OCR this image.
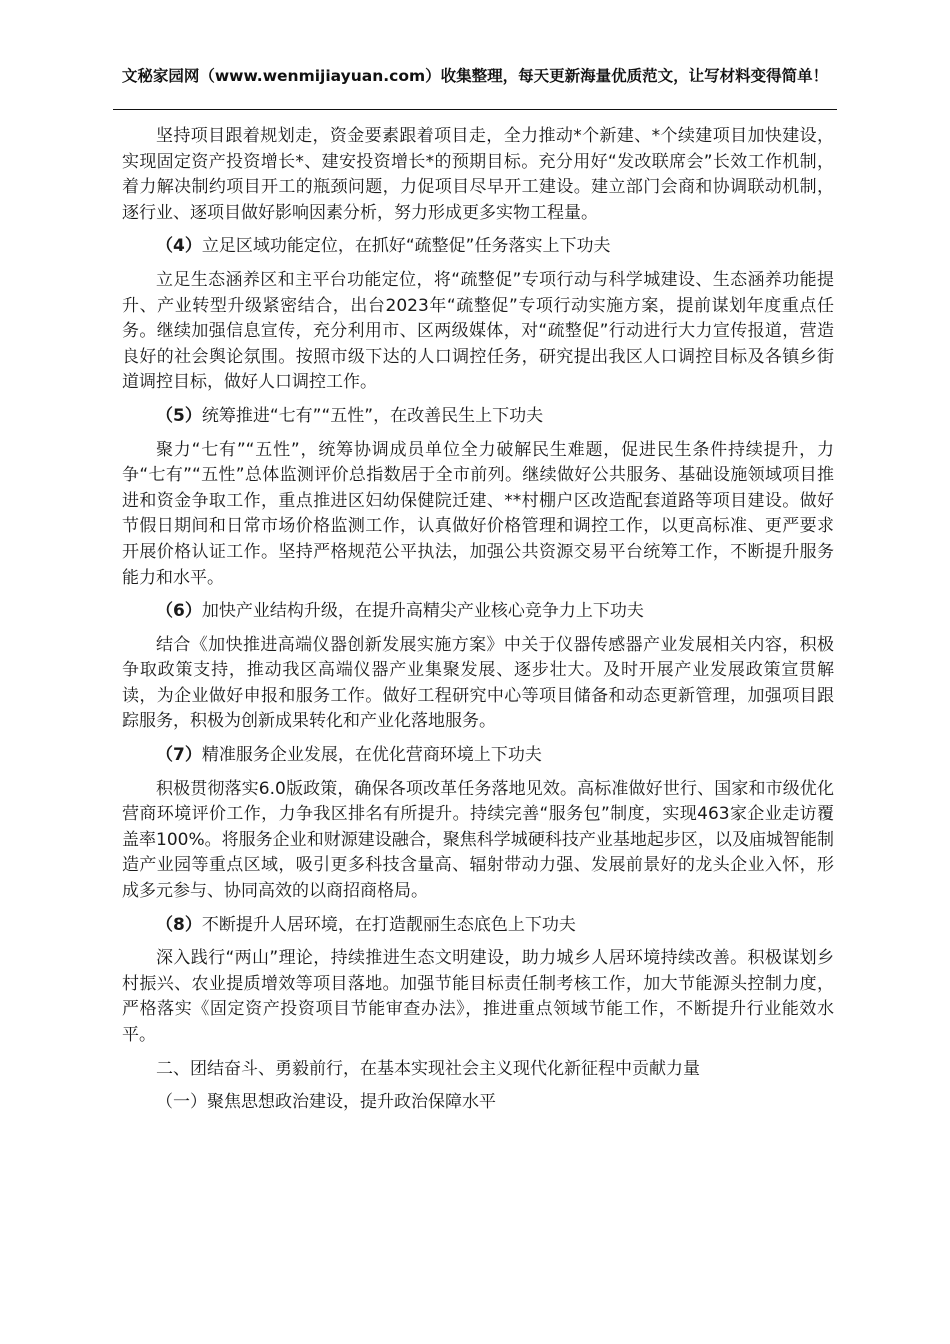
文秘家园网（www.wenmijiayuan.com）收集整理，每天更新海量优质范文，让写材料变得简单！

坚持项目跟着规划走，资金要素跟着项目走，全力推动*个新建、*个续建项目加快建设，实现固定资产投资增长*、建安投资增长*的预期目标。充分用好“发改联席会”长效工作机制，着力解决制约项目开工的瓶颈问题，力促项目尽早开工建设。建立部门会商和协调联动机制，逐行业、逐项目做好影响因素分析，努力形成更多实物工程量。

（4）立足区域功能定位，在抓好“疏整促”任务落实上下功夫

立足生态涵养区和主平台功能定位，将“疏整促”专项行动与科学城建设、生态涵养功能提升、产业转型升级紧密结合，出台2023年“疏整促”专项行动实施方案，提前谋划年度重点任务。继续加强信息宣传，充分利用市、区两级媒体，对“疏整促”行动进行大力宣传报道，营造良好的社会舆论氛围。按照市级下达的人口调控任务，研究提出我区人口调控目标及各镇乡街道调控目标，做好人口调控工作。

（5）统筹推进“七有”“五性”，在改善民生上下功夫

聚力“七有”“五性”，统筹协调成员单位全力破解民生难题，促进民生条件持续提升，力争“七有”“五性”总体监测评价总指数居于全市前列。继续做好公共服务、基础设施领域项目推进和资金争取工作，重点推进区妇幼保健院迁建、**村棚户区改造配套道路等项目建设。做好节假日期间和日常市场价格监测工作，认真做好价格管理和调控工作，以更高标准、更严要求开展价格认证工作。坚持严格规范公平执法，加强公共资源交易平台统筹工作，不断提升服务能力和水平。

（6）加快产业结构升级，在提升高精尖产业核心竞争力上下功夫

结合《加快推进高端仪器创新发展实施方案》中关于仪器传感器产业发展相关内容，积极争取政策支持，推动我区高端仪器产业集聚发展、逐步壮大。及时开展产业发展政策宣贯解读，为企业做好申报和服务工作。做好工程研究中心等项目储备和动态更新管理，加强项目跟踪服务，积极为创新成果转化和产业化落地服务。

（7）精准服务企业发展，在优化营商环境上下功夫

积极贯彻落实6.0版政策，确保各项改革任务落地见效。高标准做好世行、国家和市级优化营商环境评价工作，力争我区排名有所提升。持续完善“服务包”制度，实现463家企业走访覆盖率100%。将服务企业和财源建设融合，聚焦科学城硬科技产业基地起步区，以及庙城智能制造产业园等重点区域，吸引更多科技含量高、辐射带动力强、发展前景好的龙头企业入怀，形成多元参与、协同高效的以商招商格局。

（8）不断提升人居环境，在打造靓丽生态底色上下功夫

深入践行“两山”理论，持续推进生态文明建设，助力城乡人居环境持续改善。积极谋划乡村振兴、农业提质增效等项目落地。加强节能目标责任制考核工作，加大节能源头控制力度，严格落实《固定资产投资项目节能审查办法》，推进重点领域节能工作，不断提升行业能效水平。

二、团结奋斗、勇毅前行，在基本实现社会主义现代化新征程中贡献力量

（一）聚焦思想政治建设，提升政治保障水平
